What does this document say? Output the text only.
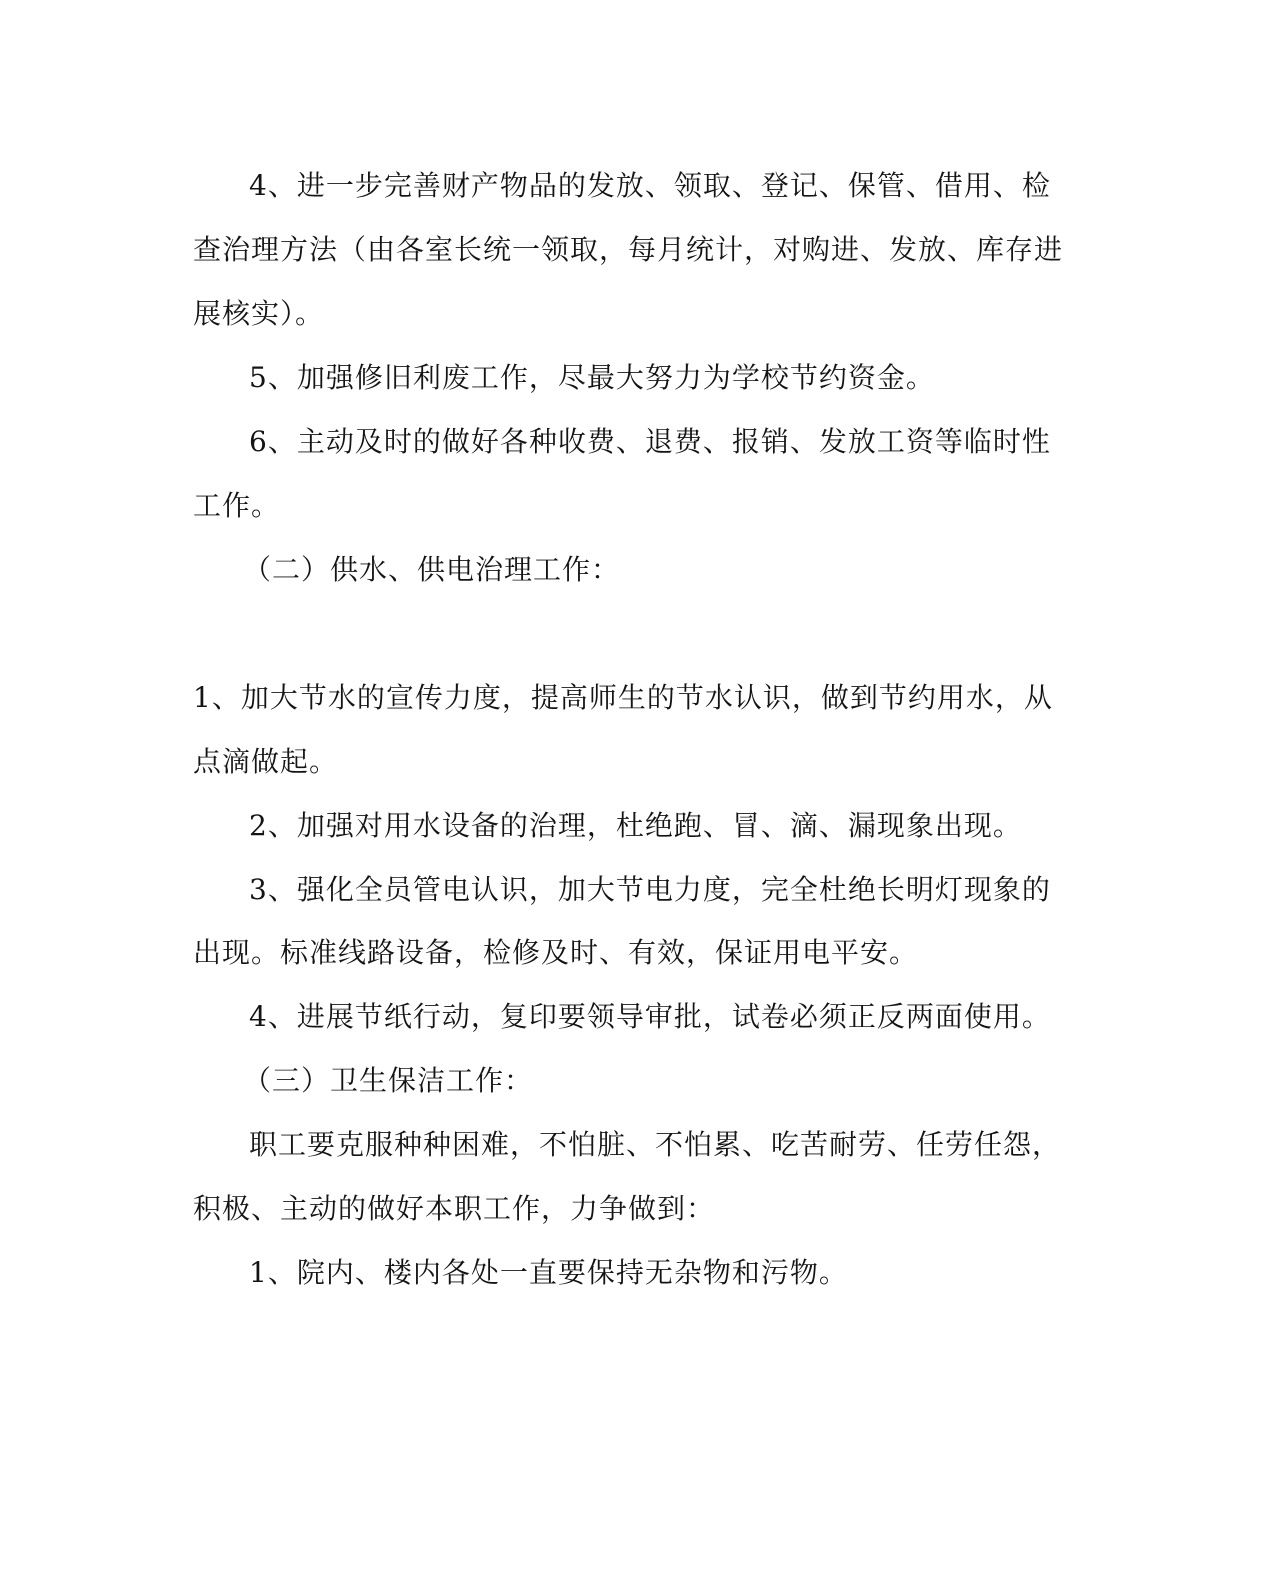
4、进一步完善财产物品的发放、领取、登记、保管、借用、检

查治理方法（由各室长统一领取，每月统计，对购进、发放、库存进

展核实）。

5、加强修旧利废工作，尽最大努力为学校节约资金。

6、主动及时的做好各种收费、退费、报销、发放工资等临时性

工作。

（二）供水、供电治理工作：

1、加大节水的宣传力度，提高师生的节水认识，做到节约用水，从

点滴做起。

2、加强对用水设备的治理，杜绝跑、冒、滴、漏现象出现。

3、强化全员管电认识，加大节电力度，完全杜绝长明灯现象的

出现。标准线路设备，检修及时、有效，保证用电平安。

4、进展节纸行动，复印要领导审批，试卷必须正反两面使用。

（三）卫生保洁工作：

职工要克服种种困难，不怕脏、不怕累、吃苦耐劳、任劳任怨，

积极、主动的做好本职工作，力争做到：

1、院内、楼内各处一直要保持无杂物和污物。
